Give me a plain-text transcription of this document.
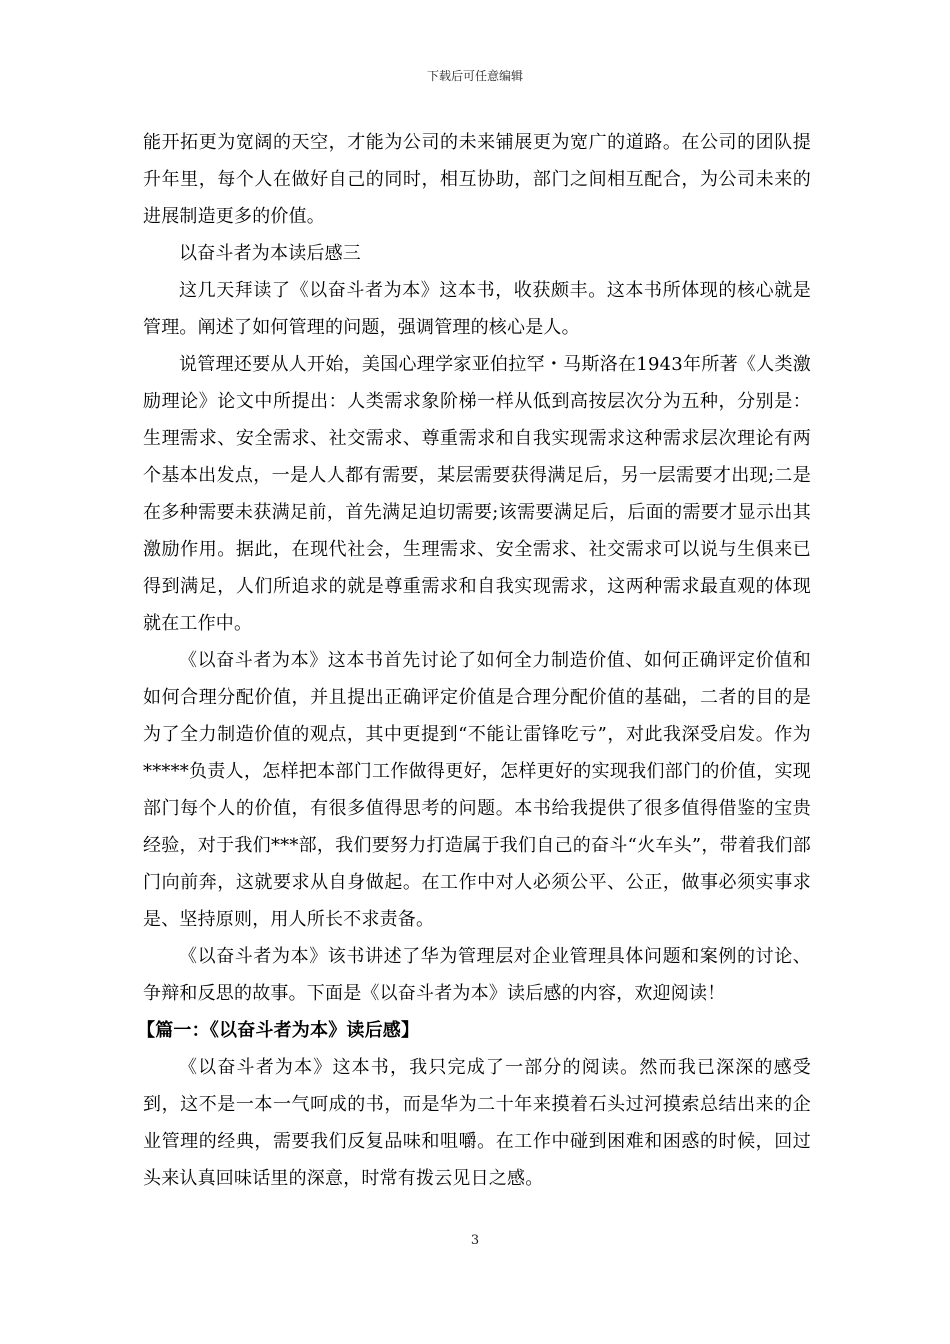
下载后可任意编辑

能开拓更为宽阔的天空，才能为公司的未来铺展更为宽广的道路。在公司的团队提升年里，每个人在做好自己的同时，相互协助，部门之间相互配合，为公司未来的进展制造更多的价值。

以奋斗者为本读后感三

这几天拜读了《以奋斗者为本》这本书，收获颇丰。这本书所体现的核心就是管理。阐述了如何管理的问题，强调管理的核心是人。

说管理还要从人开始，美国心理学家亚伯拉罕・马斯洛在1943年所著《人类激励理论》论文中所提出：人类需求象阶梯一样从低到高按层次分为五种，分别是：生理需求、安全需求、社交需求、尊重需求和自我实现需求这种需求层次理论有两个基本出发点，一是人人都有需要，某层需要获得满足后，另一层需要才出现;二是在多种需要未获满足前，首先满足迫切需要;该需要满足后，后面的需要才显示出其激励作用。据此，在现代社会，生理需求、安全需求、社交需求可以说与生俱来已得到满足，人们所追求的就是尊重需求和自我实现需求，这两种需求最直观的体现就在工作中。

《以奋斗者为本》这本书首先讨论了如何全力制造价值、如何正确评定价值和如何合理分配价值，并且提出正确评定价值是合理分配价值的基础，二者的目的是为了全力制造价值的观点，其中更提到“不能让雷锋吃亏”，对此我深受启发。作为*****负责人，怎样把本部门工作做得更好，怎样更好的实现我们部门的价值，实现部门每个人的价值，有很多值得思考的问题。本书给我提供了很多值得借鉴的宝贵经验，对于我们***部，我们要努力打造属于我们自己的奋斗“火车头”，带着我们部门向前奔，这就要求从自身做起。在工作中对人必须公平、公正，做事必须实事求是、坚持原则，用人所长不求责备。

《以奋斗者为本》该书讲述了华为管理层对企业管理具体问题和案例的讨论、争辩和反思的故事。下面是《以奋斗者为本》读后感的内容，欢迎阅读！

【篇一：《以奋斗者为本》读后感】

《以奋斗者为本》这本书，我只完成了一部分的阅读。然而我已深深的感受到，这不是一本一气呵成的书，而是华为二十年来摸着石头过河摸索总结出来的企业管理的经典，需要我们反复品味和咀嚼。在工作中碰到困难和困惑的时候，回过头来认真回味话里的深意，时常有拨云见日之感。

3
